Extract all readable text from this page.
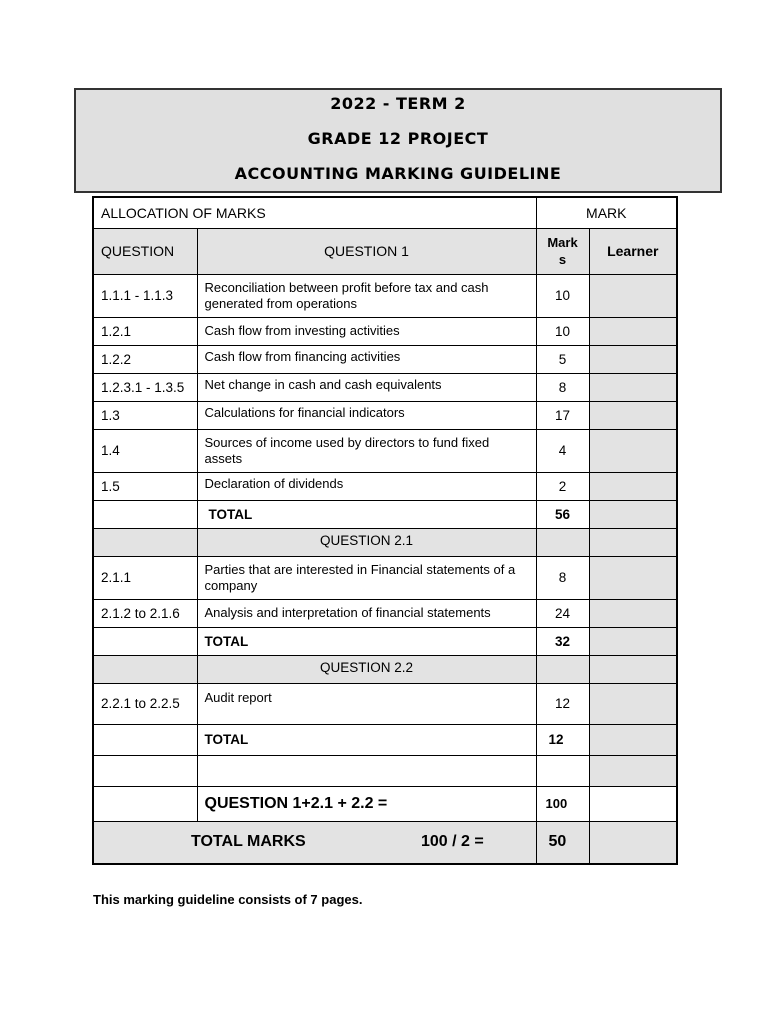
2022 - TERM 2
GRADE 12 PROJECT
ACCOUNTING MARKING GUIDELINE
ALLOCATION OF MARKS		MARK	
QUESTION	QUESTION 1	Mark s	Learner
1.1.1 - 1.1.3	Reconciliation between profit before tax and cash generated from operations	10	
1.2.1	Cash flow from investing activities	10	
1.2.2	Cash flow from financing activities	5	
1.2.3.1 - 1.3.5	Net change in cash and cash equivalents	8	
1.3	Calculations for financial indicators	17	
1.4	Sources of income used by directors to fund fixed assets	4	
1.5	Declaration of dividends	2	
	TOTAL	56	
	QUESTION 2.1		
2.1.1	Parties that are interested in Financial statements of a company	8	
2.1.2 to 2.1.6	Analysis and interpretation of financial statements	24	
	TOTAL	32	
	QUESTION 2.2		
2.2.1 to 2.2.5	Audit report	12	
	TOTAL	12	

	QUESTION 1+2.1 + 2.2 =	100	
TOTAL MARKS 100 / 2 =		50	
This marking guideline consists of 7 pages.
